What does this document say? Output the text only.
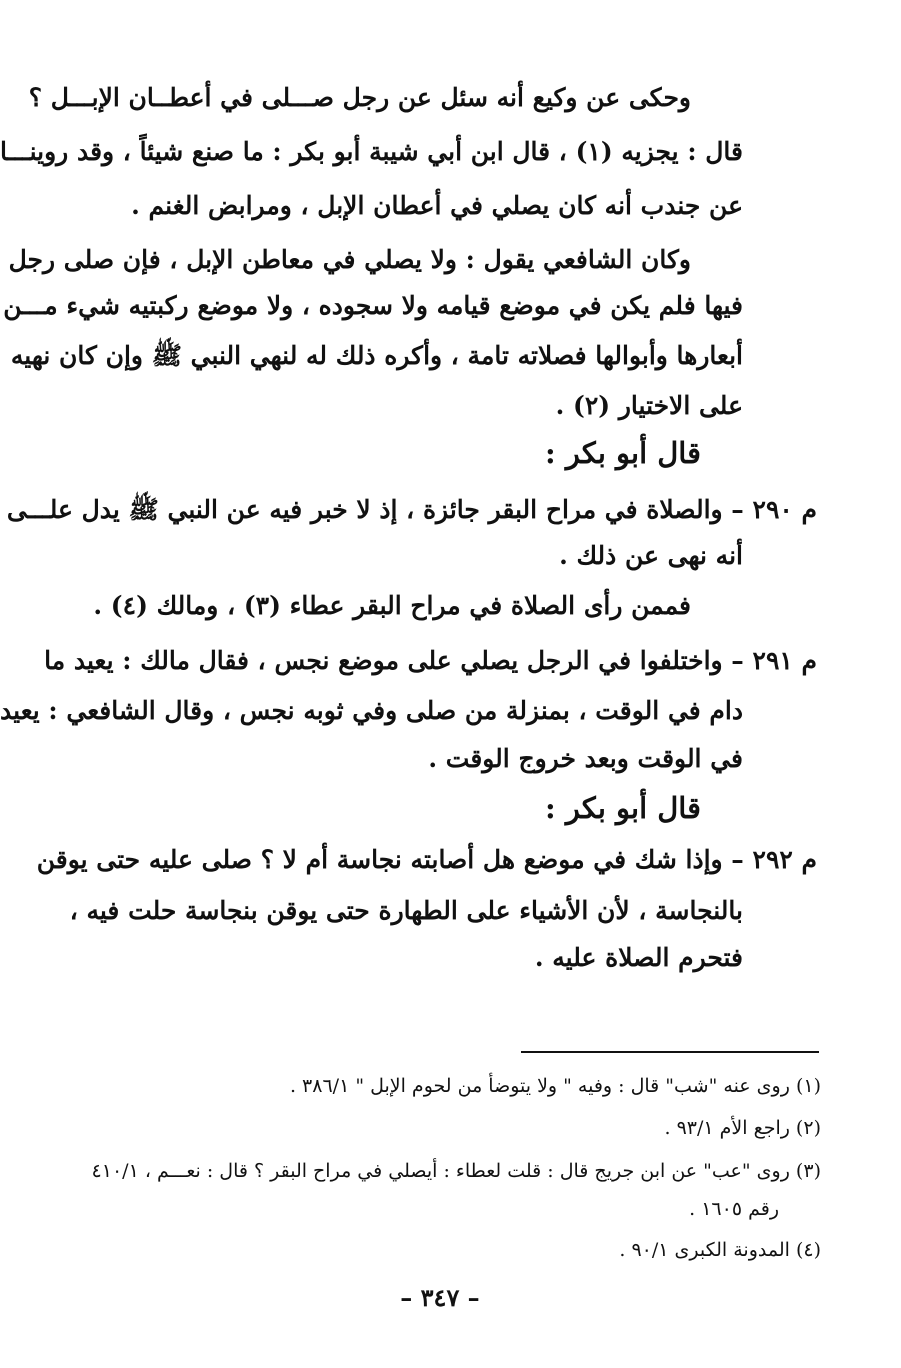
وحكى عن وكيع أنه سئل عن رجل صـــلى في أعطــان الإبـــل ؟
قال : يجزيه (١) ، قال ابن أبي شيبة أبو بكر : ما صنع شيئاً ، وقد روينـــا
عن جندب أنه كان يصلي في أعطان الإبل ، ومرابض الغنم .
وكان الشافعي يقول : ولا يصلي في معاطن الإبل ، فإن صلى رجل
فيها فلم يكن في موضع قيامه ولا سجوده ، ولا موضع ركبتيه شيء مـــن
أبعارها وأبوالها فصلاته تامة ، وأكره ذلك له لنهي النبي ﷺ وإن كان نهيه
على الاختيار (٢) .
قال أبو بكر :
م ٢٩٠ – والصلاة في مراح البقر جائزة ، إذ لا خبر فيه عن النبي ﷺ يدل علـــى
أنه نهى عن ذلك .
فممن رأى الصلاة في مراح البقر عطاء (٣) ، ومالك (٤) .
م ٢٩١ – واختلفوا في الرجل يصلي على موضع نجس ، فقال مالك : يعيد ما
دام في الوقت ، بمنزلة من صلى وفي ثوبه نجس ، وقال الشافعي : يعيد
في الوقت وبعد خروج الوقت .
قال أبو بكر :
م ٢٩٢ – وإذا شك في موضع هل أصابته نجاسة أم لا ؟ صلى عليه حتى يوقن
بالنجاسة ، لأن الأشياء على الطهارة حتى يوقن بنجاسة حلت فيه ،
فتحرم الصلاة عليه .
(١) روى عنه "شب" قال : وفيه " ولا يتوضأ من لحوم الإبل " ٣٨٦/١ .
(٢) راجع الأم ٩٣/١ .
(٣) روى "عب" عن ابن جريج قال : قلت لعطاء : أيصلي في مراح البقر ؟ قال : نعـــم ، ٤١٠/١
رقم ١٦٠٥ .
(٤) المدونة الكبرى ٩٠/١ .
– ٣٤٧ –
